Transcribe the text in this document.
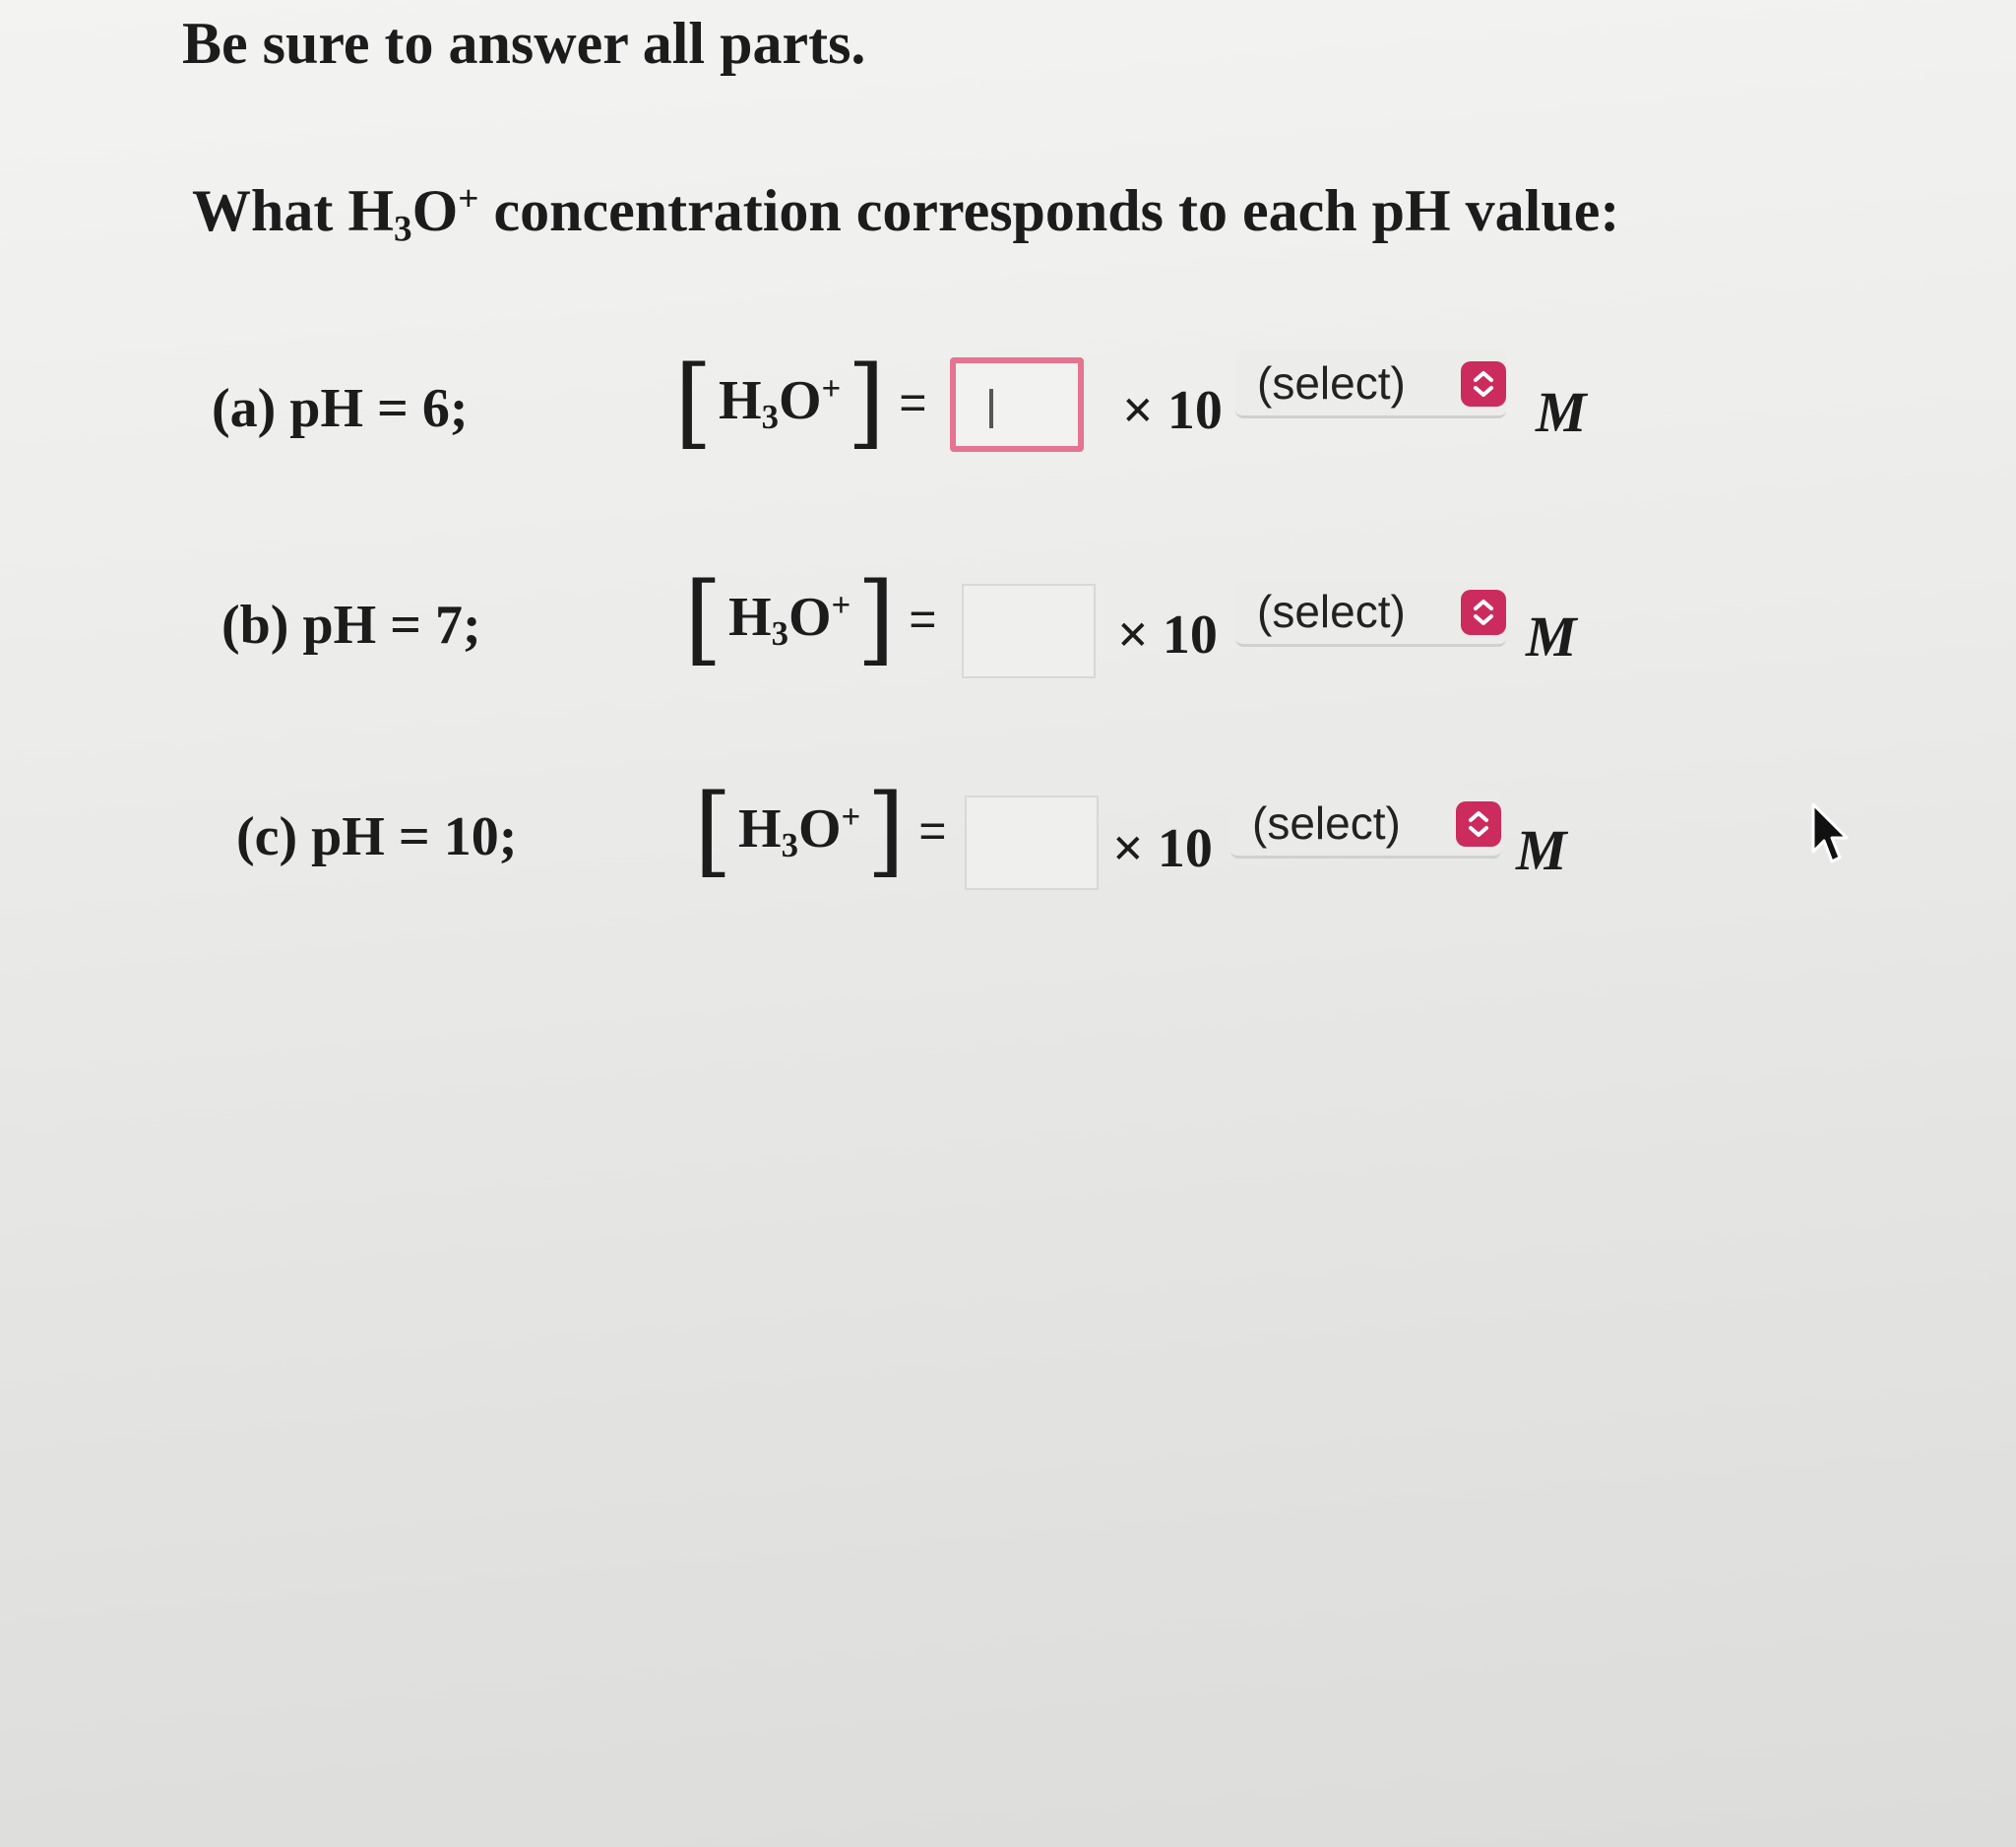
Be sure to answer all parts.
What $H_3O^+$ concentration corresponds to each pH value:
(a) pH = 6; [ $H_3O^+$ ] =	× 10 (select) M
(b) pH = 7; [ $H_3O^+$ ] =	× 10 (select) M
(c) pH = 10; [ $H_3O^+$ ] =	× 10 (select) M
